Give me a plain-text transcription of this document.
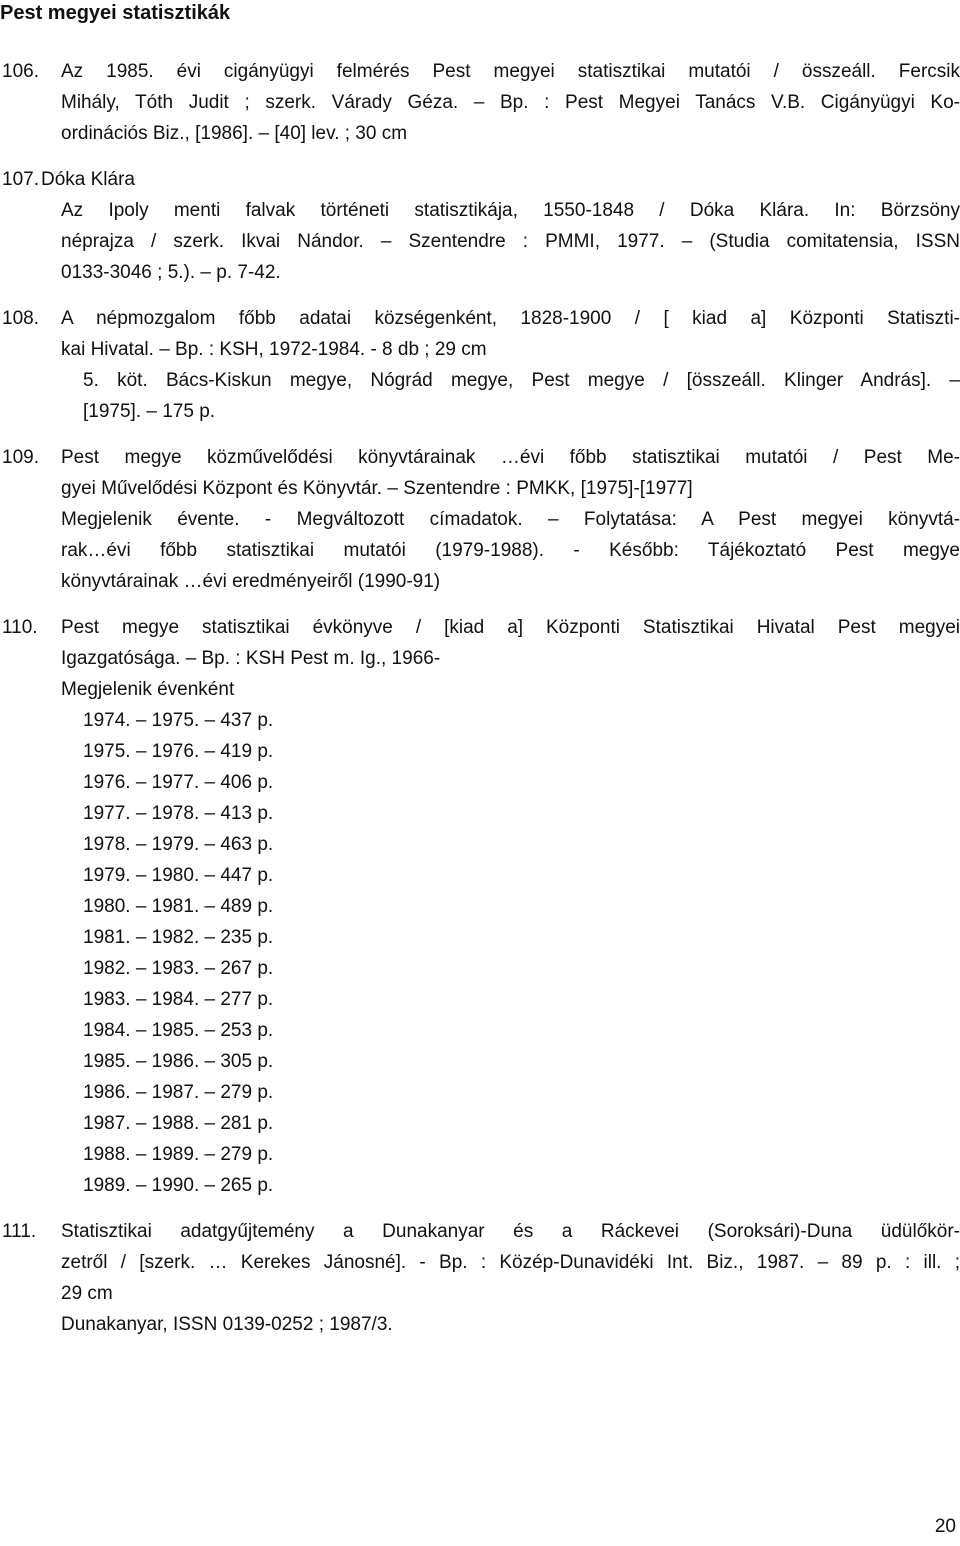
Pest megyei statisztikák
106. Az 1985. évi cigányügyi felmérés Pest megyei statisztikai mutatói / összeáll. Fercsik
Mihály, Tóth Judit ; szerk. Várady Géza. – Bp. : Pest Megyei Tanács V.B. Cigányügyi Ko-
ordinációs Biz., [1986]. – [40] lev. ; 30 cm
107. Dóka Klára
Az Ipoly menti falvak történeti statisztikája, 1550-1848 / Dóka Klára. In: Börzsöny
néprajza / szerk. Ikvai Nándor. – Szentendre : PMMI, 1977. – (Studia comitatensia, ISSN
0133-3046 ; 5.). – p. 7-42.
108. A népmozgalom főbb adatai községenként, 1828-1900 / [ kiad a] Központi Statiszti-
kai Hivatal. – Bp. : KSH, 1972-1984. - 8 db ; 29 cm
5. köt. Bács-Kiskun megye, Nógrád megye, Pest megye / [összeáll. Klinger András]. –
[1975]. – 175 p.
109. Pest megye közművelődési könyvtárainak …évi főbb statisztikai mutatói / Pest Me-
gyei Művelődési Központ és Könyvtár. – Szentendre : PMKK, [1975]-[1977]
Megjelenik évente. - Megváltozott címadatok. – Folytatása: A Pest megyei könyvtá-
rak…évi főbb statisztikai mutatói (1979-1988). - Később: Tájékoztató Pest megye
könyvtárainak …évi eredményeiről (1990-91)
110. Pest megye statisztikai évkönyve / [kiad a] Központi Statisztikai Hivatal Pest megyei
Igazgatósága. – Bp. : KSH Pest m. Ig., 1966-
Megjelenik évenként
1974. – 1975. – 437 p.
1975. – 1976. – 419 p.
1976. – 1977. – 406 p.
1977. – 1978. – 413 p.
1978. – 1979. – 463 p.
1979. – 1980. – 447 p.
1980. – 1981. – 489 p.
1981. – 1982. – 235 p.
1982. – 1983. – 267 p.
1983. – 1984. – 277 p.
1984. – 1985. – 253 p.
1985. – 1986. – 305 p.
1986. – 1987. – 279 p.
1987. – 1988. – 281 p.
1988. – 1989. – 279 p.
1989. – 1990. – 265 p.
111. Statisztikai adatgyűjtemény a Dunakanyar és a Ráckevei (Soroksári)-Duna üdülőkör-
zetről / [szerk. … Kerekes Jánosné]. - Bp. : Közép-Dunavidéki Int. Biz., 1987. – 89 p. : ill. ;
29 cm
Dunakanyar, ISSN 0139-0252 ; 1987/3.
20
